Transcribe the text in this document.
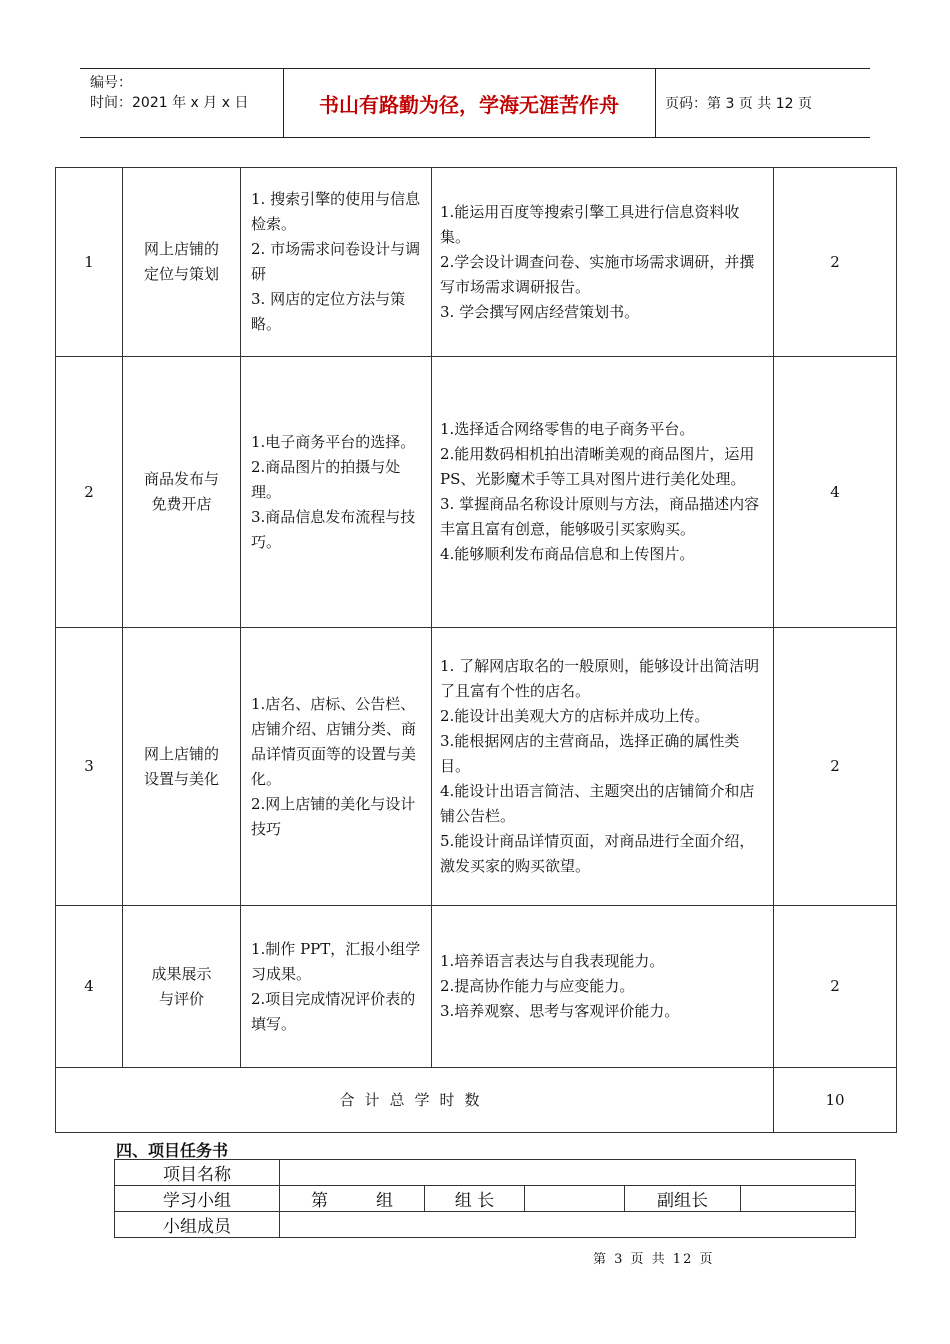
编号：
时间：2021 年 x 月 x 日	书山有路勤为径，学海无涯苦作舟	页码：第 3 页 共 12 页
1	网上店铺的
定位与策划	1. 搜索引擎的使用与信息检索。
2. 市场需求问卷设计与调研
3. 网店的定位方法与策略。	1.能运用百度等搜索引擎工具进行信息资料收集。
2.学会设计调查问卷、实施市场需求调研，并撰写市场需求调研报告。
3. 学会撰写网店经营策划书。	2
2	商品发布与
免费开店	1.电子商务平台的选择。
2.商品图片的拍摄与处理。
3.商品信息发布流程与技巧。	1.选择适合网络零售的电子商务平台。
2.能用数码相机拍出清晰美观的商品图片，运用 PS、光影魔术手等工具对图片进行美化处理。
3. 掌握商品名称设计原则与方法，商品描述内容丰富且富有创意，能够吸引买家购买。
4.能够顺利发布商品信息和上传图片。	4
3	网上店铺的
设置与美化	1.店名、店标、公告栏、店铺介绍、店铺分类、商品详情页面等的设置与美化。
2.网上店铺的美化与设计技巧	1. 了解网店取名的一般原则，能够设计出简洁明了且富有个性的店名。
2.能设计出美观大方的店标并成功上传。
3.能根据网店的主营商品，选择正确的属性类目。
4.能设计出语言简洁、主题突出的店铺简介和店铺公告栏。
5.能设计商品详情页面，对商品进行全面介绍，激发买家的购买欲望。	2
4	成果展示
与评价	1.制作 PPT，汇报小组学习成果。
2.项目完成情况评价表的填写。	1.培养语言表达与自我表现能力。
2.提高协作能力与应变能力。
3.培养观察、思考与客观评价能力。	2
合计总学时数				10
四、项目任务书
项目名称					
学习小组	第 组	组 长		副组长	
小组成员					
第 3 页 共 12 页
